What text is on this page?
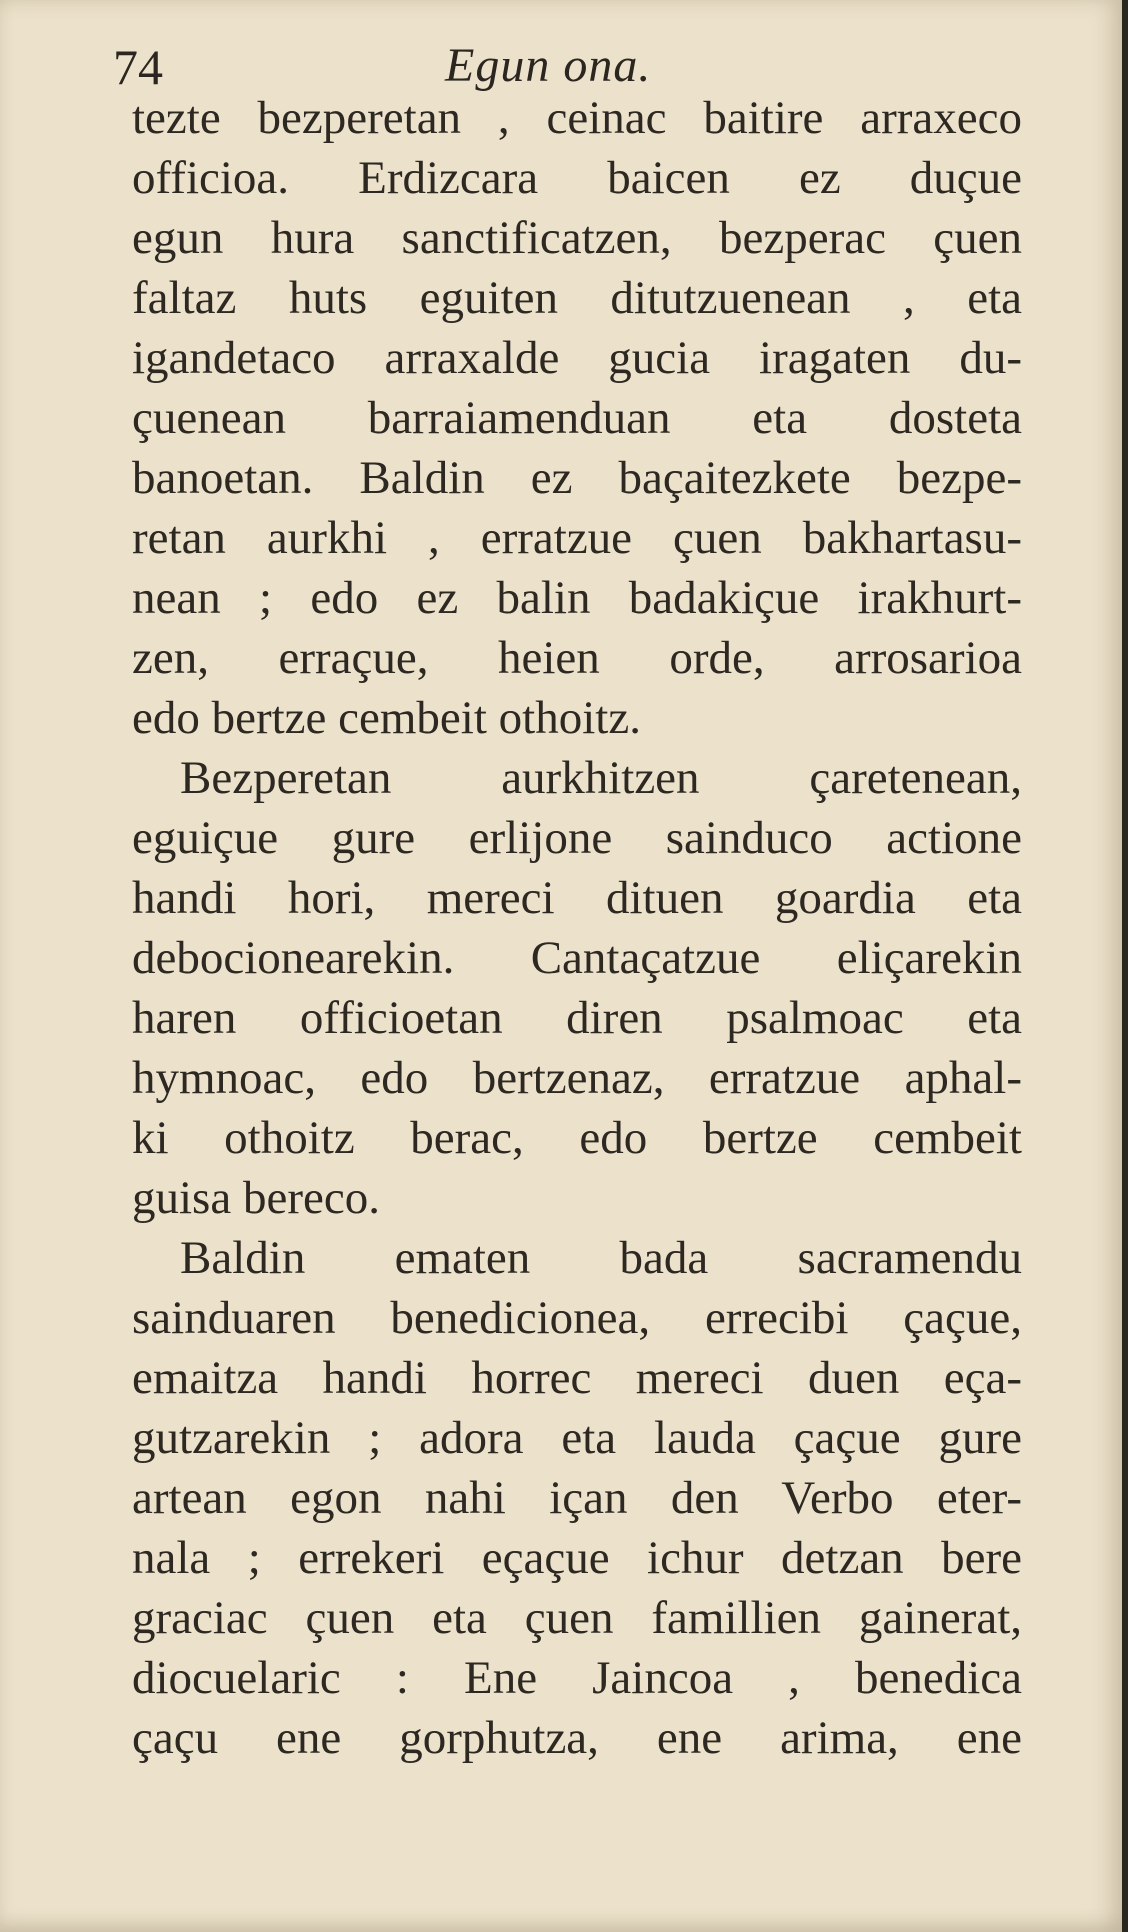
74	Egun ona.
tezte bezperetan , ceinac baitire arraxeco
officioa. Erdizcara baicen ez duçue
egun hura sanctificatzen, bezperac çuen
faltaz huts eguiten ditutzuenean , eta
igandetaco arraxalde gucia iragaten du-
çuenean barraiamenduan eta dosteta
banoetan. Baldin ez baçaitezkete bezpe-
retan aurkhi , erratzue çuen bakhartasu-
nean ; edo ez balin badakiçue irakhurt-
zen, erraçue, heien orde, arrosarioa
edo bertze cembeit othoitz.
Bezperetan aurkhitzen çaretenean,
eguiçue gure erlijone sainduco actione
handi hori, mereci dituen goardia eta
debocionearekin. Cantaçatzue eliçarekin
haren officioetan diren psalmoac eta
hymnoac, edo bertzenaz, erratzue aphal-
ki othoitz berac, edo bertze cembeit
guisa bereco.
Baldin ematen bada sacramendu
sainduaren benedicionea, errecibi çaçue,
emaitza handi horrec mereci duen eça-
gutzarekin ; adora eta lauda çaçue gure
artean egon nahi içan den Verbo eter-
nala ; errekeri eçaçue ichur detzan bere
graciac çuen eta çuen famillien gainerat,
diocuelaric : Ene Jaincoa , benedica
çaçu ene gorphutza, ene arima, ene
